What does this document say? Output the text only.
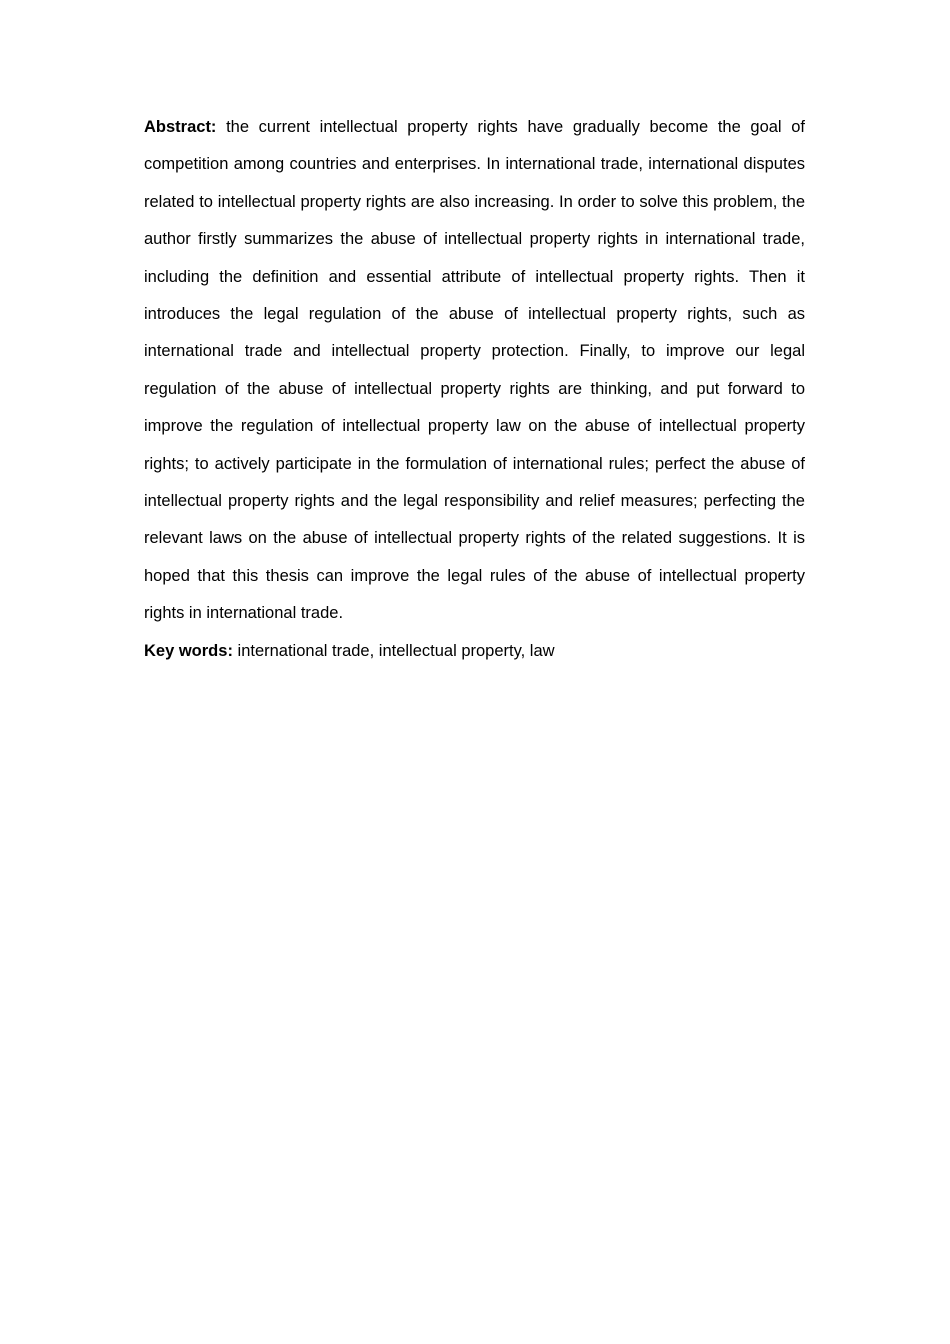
Abstract: the current intellectual property rights have gradually become the goal of competition among countries and enterprises. In international trade, international disputes related to intellectual property rights are also increasing. In order to solve this problem, the author firstly summarizes the abuse of intellectual property rights in international trade, including the definition and essential attribute of intellectual property rights. Then it introduces the legal regulation of the abuse of intellectual property rights, such as international trade and intellectual property protection. Finally, to improve our legal regulation of the abuse of intellectual property rights are thinking, and put forward to improve the regulation of intellectual property law on the abuse of intellectual property rights; to actively participate in the formulation of international rules; perfect the abuse of intellectual property rights and the legal responsibility and relief measures; perfecting the relevant laws on the abuse of intellectual property rights of the related suggestions. It is hoped that this thesis can improve the legal rules of the abuse of intellectual property rights in international trade.

Key words: international trade, intellectual property, law
